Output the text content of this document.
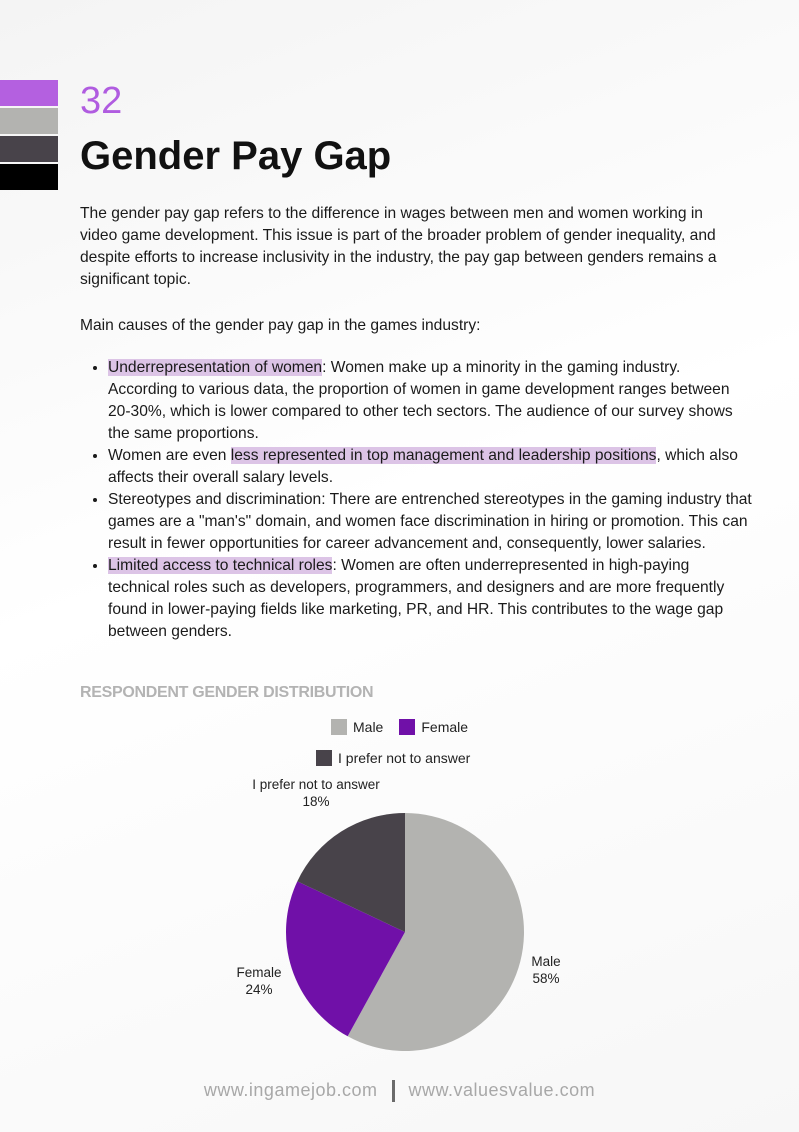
32
Gender Pay Gap

The gender pay gap refers to the difference in wages between men and women working in video game development. This issue is part of the broader problem of gender inequality, and despite efforts to increase inclusivity in the industry, the pay gap between genders remains a significant topic.

Main causes of the gender pay gap in the games industry:

• Underrepresentation of women: Women make up a minority in the gaming industry. According to various data, the proportion of women in game development ranges between 20-30%, which is lower compared to other tech sectors. The audience of our survey shows the same proportions.
• Women are even less represented in top management and leadership positions, which also affects their overall salary levels.
• Stereotypes and discrimination: There are entrenched stereotypes in the gaming industry that games are a "man's" domain, and women face discrimination in hiring or promotion. This can result in fewer opportunities for career advancement and, consequently, lower salaries.
• Limited access to technical roles: Women are often underrepresented in high-paying technical roles such as developers, programmers, and designers and are more frequently found in lower-paying fields like marketing, PR, and HR. This contributes to the wage gap between genders.
RESPONDENT GENDER DISTRIBUTION
Male	Female
I prefer not to answer
Male
58%
Female
24%
I prefer not to answer
18%
www.ingamejob.com www.valuesvalue.com
